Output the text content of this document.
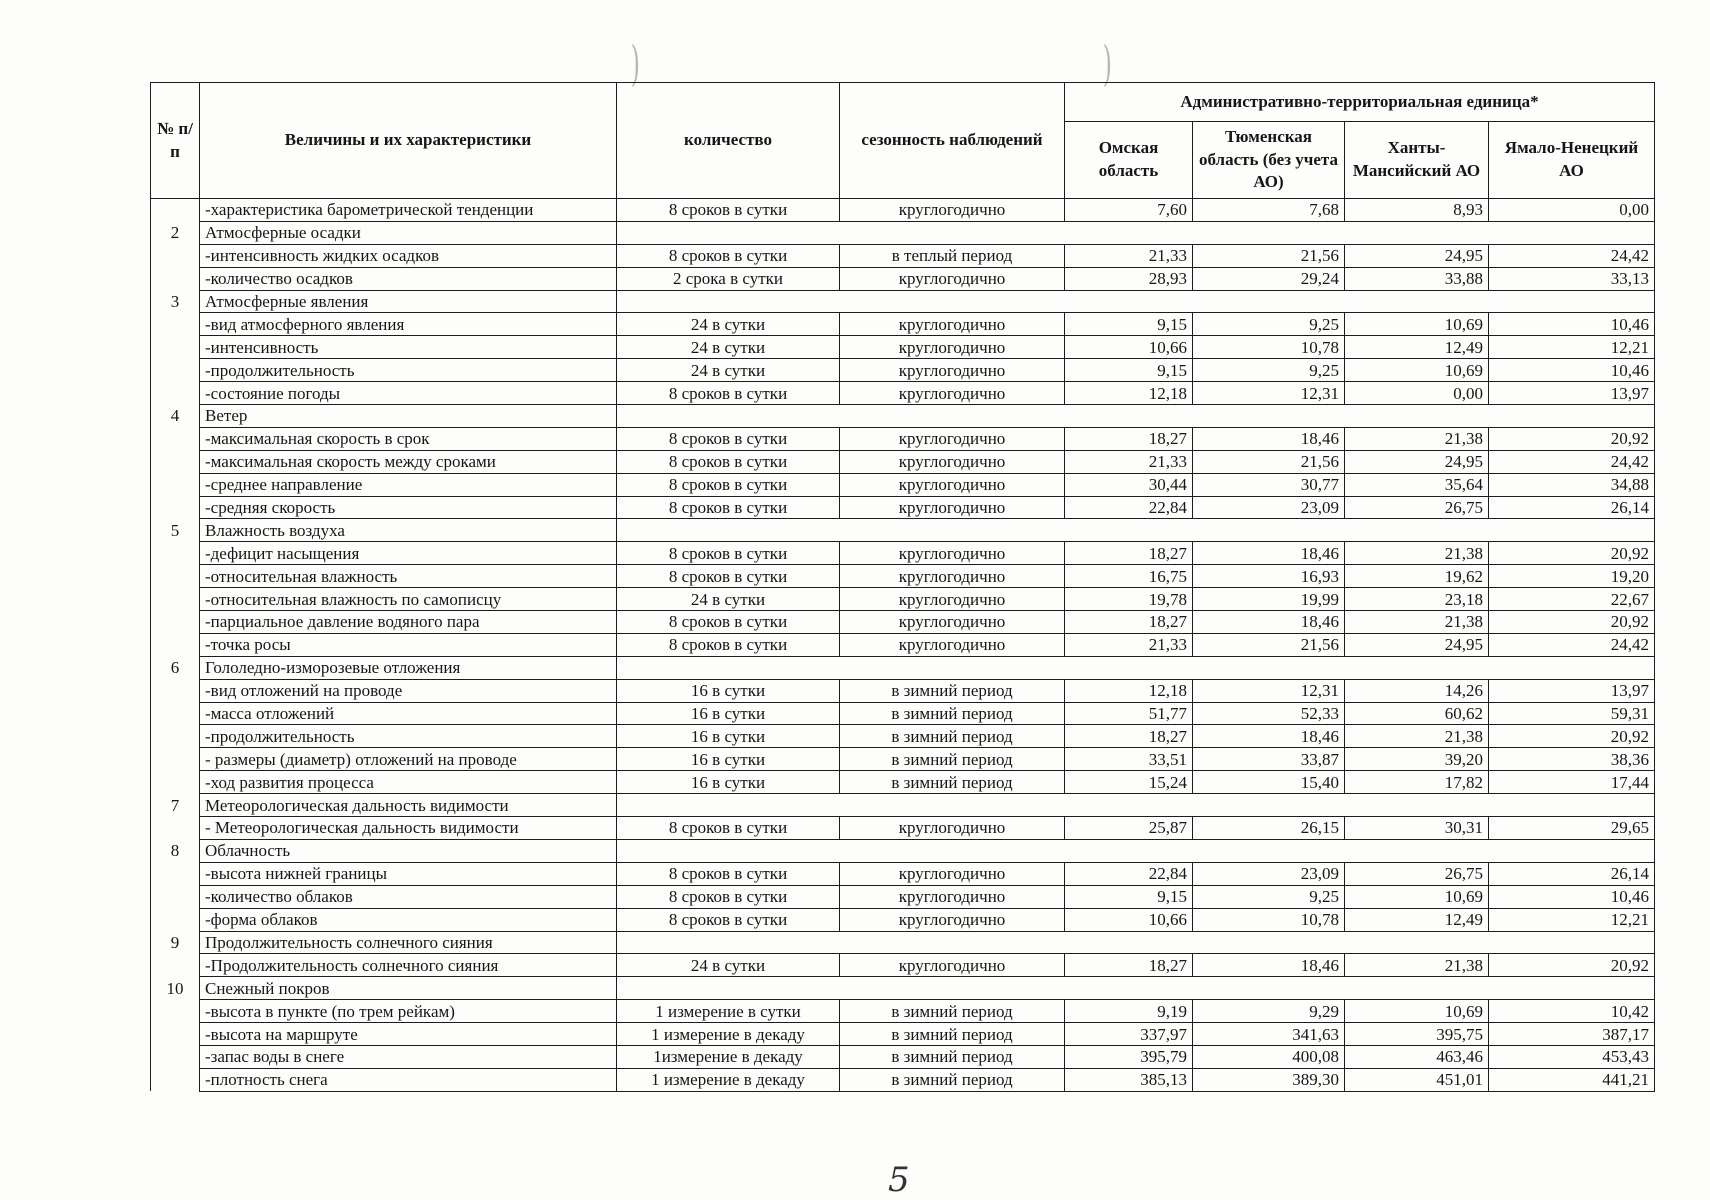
)	)
№ п/п	Величины и их характеристики	количество	сезонность наблюдений	Административно-территориальная единица*			
				Омская область	Тюменская область (без учета АО)	Ханты-Мансийский АО	Ямало-Ненецкий АО
	-характеристика барометрической тенденции	8 сроков в сутки	круглогодично	7,60	7,68	8,93	0,00
2	Атмосферные осадки						
	-интенсивность жидких осадков	8 сроков в сутки	в теплый период	21,33	21,56	24,95	24,42
	-количество осадков	2 срока в сутки	круглогодично	28,93	29,24	33,88	33,13
3	Атмосферные явления						
	-вид атмосферного явления	24 в сутки	круглогодично	9,15	9,25	10,69	10,46
	-интенсивность	24 в сутки	круглогодично	10,66	10,78	12,49	12,21
	-продолжительность	24 в сутки	круглогодично	9,15	9,25	10,69	10,46
	-состояние погоды	8 сроков в сутки	круглогодично	12,18	12,31	0,00	13,97
4	Ветер						
	-максимальная скорость в срок	8 сроков в сутки	круглогодично	18,27	18,46	21,38	20,92
	-максимальная скорость между сроками	8 сроков в сутки	круглогодично	21,33	21,56	24,95	24,42
	-среднее направление	8 сроков в сутки	круглогодично	30,44	30,77	35,64	34,88
	-средняя скорость	8 сроков в сутки	круглогодично	22,84	23,09	26,75	26,14
5	Влажность воздуха						
	-дефицит насыщения	8 сроков в сутки	круглогодично	18,27	18,46	21,38	20,92
	-относительная влажность	8 сроков в сутки	круглогодично	16,75	16,93	19,62	19,20
	-относительная влажность по самописцу	24 в сутки	круглогодично	19,78	19,99	23,18	22,67
	-парциальное давление водяного пара	8 сроков в сутки	круглогодично	18,27	18,46	21,38	20,92
	-точка росы	8 сроков в сутки	круглогодично	21,33	21,56	24,95	24,42
6	Гололедно-изморозевые отложения						
	-вид отложений на проводе	16 в сутки	в зимний период	12,18	12,31	14,26	13,97
	-масса отложений	16 в сутки	в зимний период	51,77	52,33	60,62	59,31
	-продолжительность	16 в сутки	в зимний период	18,27	18,46	21,38	20,92
	- размеры (диаметр) отложений на проводе	16 в сутки	в зимний период	33,51	33,87	39,20	38,36
	-ход развития процесса	16 в сутки	в зимний период	15,24	15,40	17,82	17,44
7	Метеорологическая дальность видимости						
	- Метеорологическая дальность видимости	8 сроков в сутки	круглогодично	25,87	26,15	30,31	29,65
8	Облачность						
	-высота нижней границы	8 сроков в сутки	круглогодично	22,84	23,09	26,75	26,14
	-количество облаков	8 сроков в сутки	круглогодично	9,15	9,25	10,69	10,46
	-форма облаков	8 сроков в сутки	круглогодично	10,66	10,78	12,49	12,21
9	Продолжительность солнечного сияния						
	-Продолжительность солнечного сияния	24 в сутки	круглогодично	18,27	18,46	21,38	20,92
10	Снежный покров						
	-высота в пункте (по трем рейкам)	1 измерение в сутки	в зимний период	9,19	9,29	10,69	10,42
	-высота на маршруте	1 измерение в декаду	в зимний период	337,97	341,63	395,75	387,17
	-запас воды в снеге	1измерение в декаду	в зимний период	395,79	400,08	463,46	453,43
	-плотность снега	1 измерение в декаду	в зимний период	385,13	389,30	451,01	441,21
5
